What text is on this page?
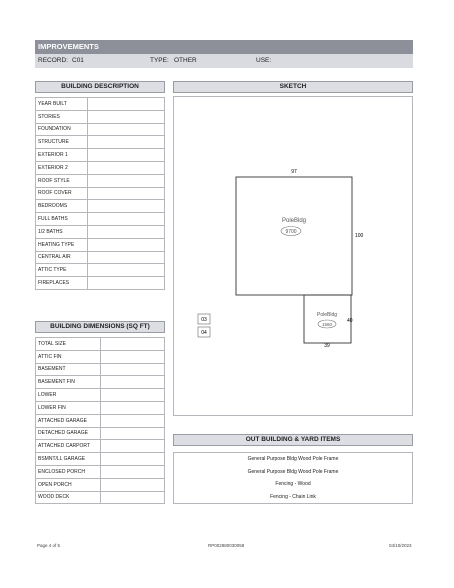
IMPROVEMENTS
RECORD: C01	TYPE: OTHER	USE:
BUILDING DESCRIPTION
YEAR BUILT	
STORIES	
FOUNDATION	
STRUCTURE	
EXTERIOR 1	
EXTERIOR 2	
ROOF STYLE	
ROOF COVER	
BEDROOMS	
FULL BATHS	
1/2 BATHS	
HEATING TYPE	
CENTRAL AIR	
ATTIC TYPE	
FIREPLACES	
BUILDING DIMENSIONS (SQ FT)
TOTAL SIZE	
ATTIC FIN	
BASEMENT	
BASEMENT FIN	
LOWER	
LOWER FIN	
ATTACHED GARAGE	
DETACHED GARAGE	
ATTACHED CARPORT	
BSMNT/LL GARAGE	
ENCLOSED PORCH	
OPEN PORCH	
WOOD DECK	
SKETCH
97
100
PoleBldg
9700
PoleBldg
1560
40
39
03
04
OUT BUILDING & YARD ITEMS
General Purpose Bldg Wood Pole Frame
General Purpose Bldg Wood Pole Frame
Fencing - Wood
Fencing - Chain Link
Page 4 of 5	RP002880030058	04/10/2023
